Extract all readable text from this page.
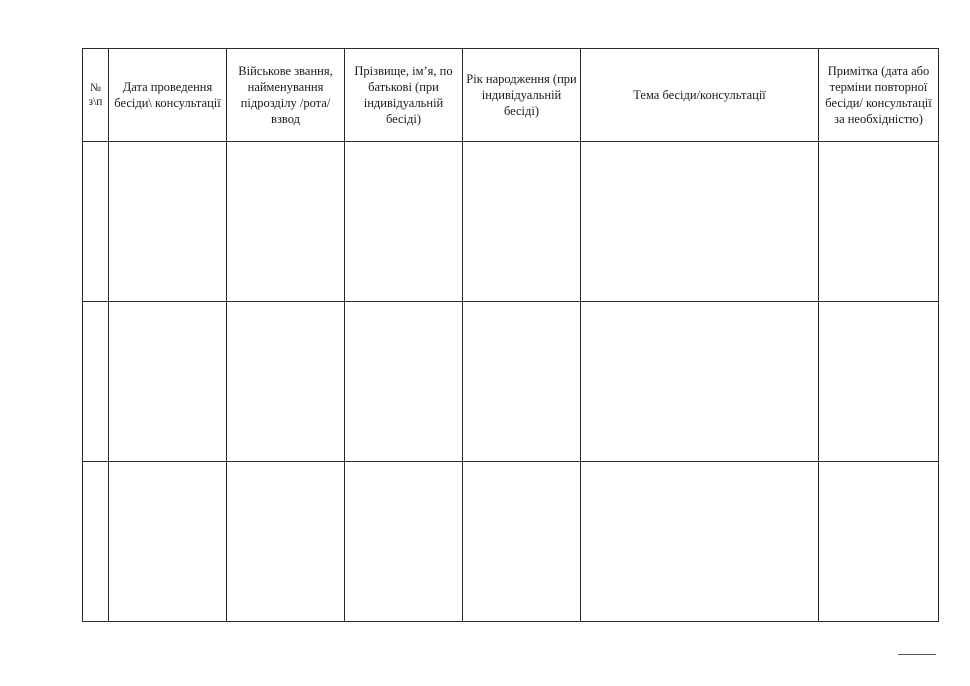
№ з\п	Дата проведення бесіди\ консультації	Військове звання, найменування підрозділу /рота/взвод	Прізвище, ім’я, по батькові (при індивідуальній бесіді)	Рік народження (при індивідуальній бесіді)	Тема бесіди/консультації	Примітка (дата або терміни повторної бесіди/ консультації за необхідністю)
